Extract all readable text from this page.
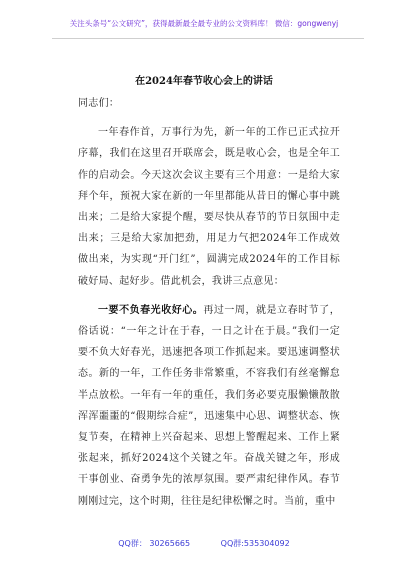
关注头条号“公文研究”，获得最新最全最专业的公文资料库！ 微信：gongwenyj
在2024年春节收心会上的讲话

同志们：

一年春作首，万事行为先，新一年的工作已正式拉开序幕，我们在这里召开联席会，既是收心会，也是全年工作的启动会。今天这次会议主要有三个用意：一是给大家拜个年，预祝大家在新的一年里都能从昔日的懈心事中跳出来；二是给大家提个醒，要尽快从春节的节日氛围中走出来；三是给大家加把劲，用足力气把2024年工作成效做出来，为实现“开门红”，圆满完成2024年的工作目标破好局、起好步。借此机会，我讲三点意见：

一要不负春光收好心。再过一周，就是立春时节了，俗话说：“一年之计在于春，一日之计在于晨。”我们一定要不负大好春光，迅速把各项工作抓起来。要迅速调整状态。新的一年，工作任务非常繁重，不容我们有丝毫懈怠半点放松。一年有一年的重任，我们务必要克服懒懒散散浑浑噩噩的“假期综合症”，迅速集中心思、调整状态、恢复节奏，在精神上兴奋起来、思想上警醒起来、工作上紧张起来，抓好2024这个关键之年。奋战关键之年，形成干事创业、奋勇争先的浓厚氛围。要严肃纪律作风。春节刚刚过完，这个时期，往往是纪律松懈之时。当前，重中

QQ群： 30265665	QQ群:535304092
